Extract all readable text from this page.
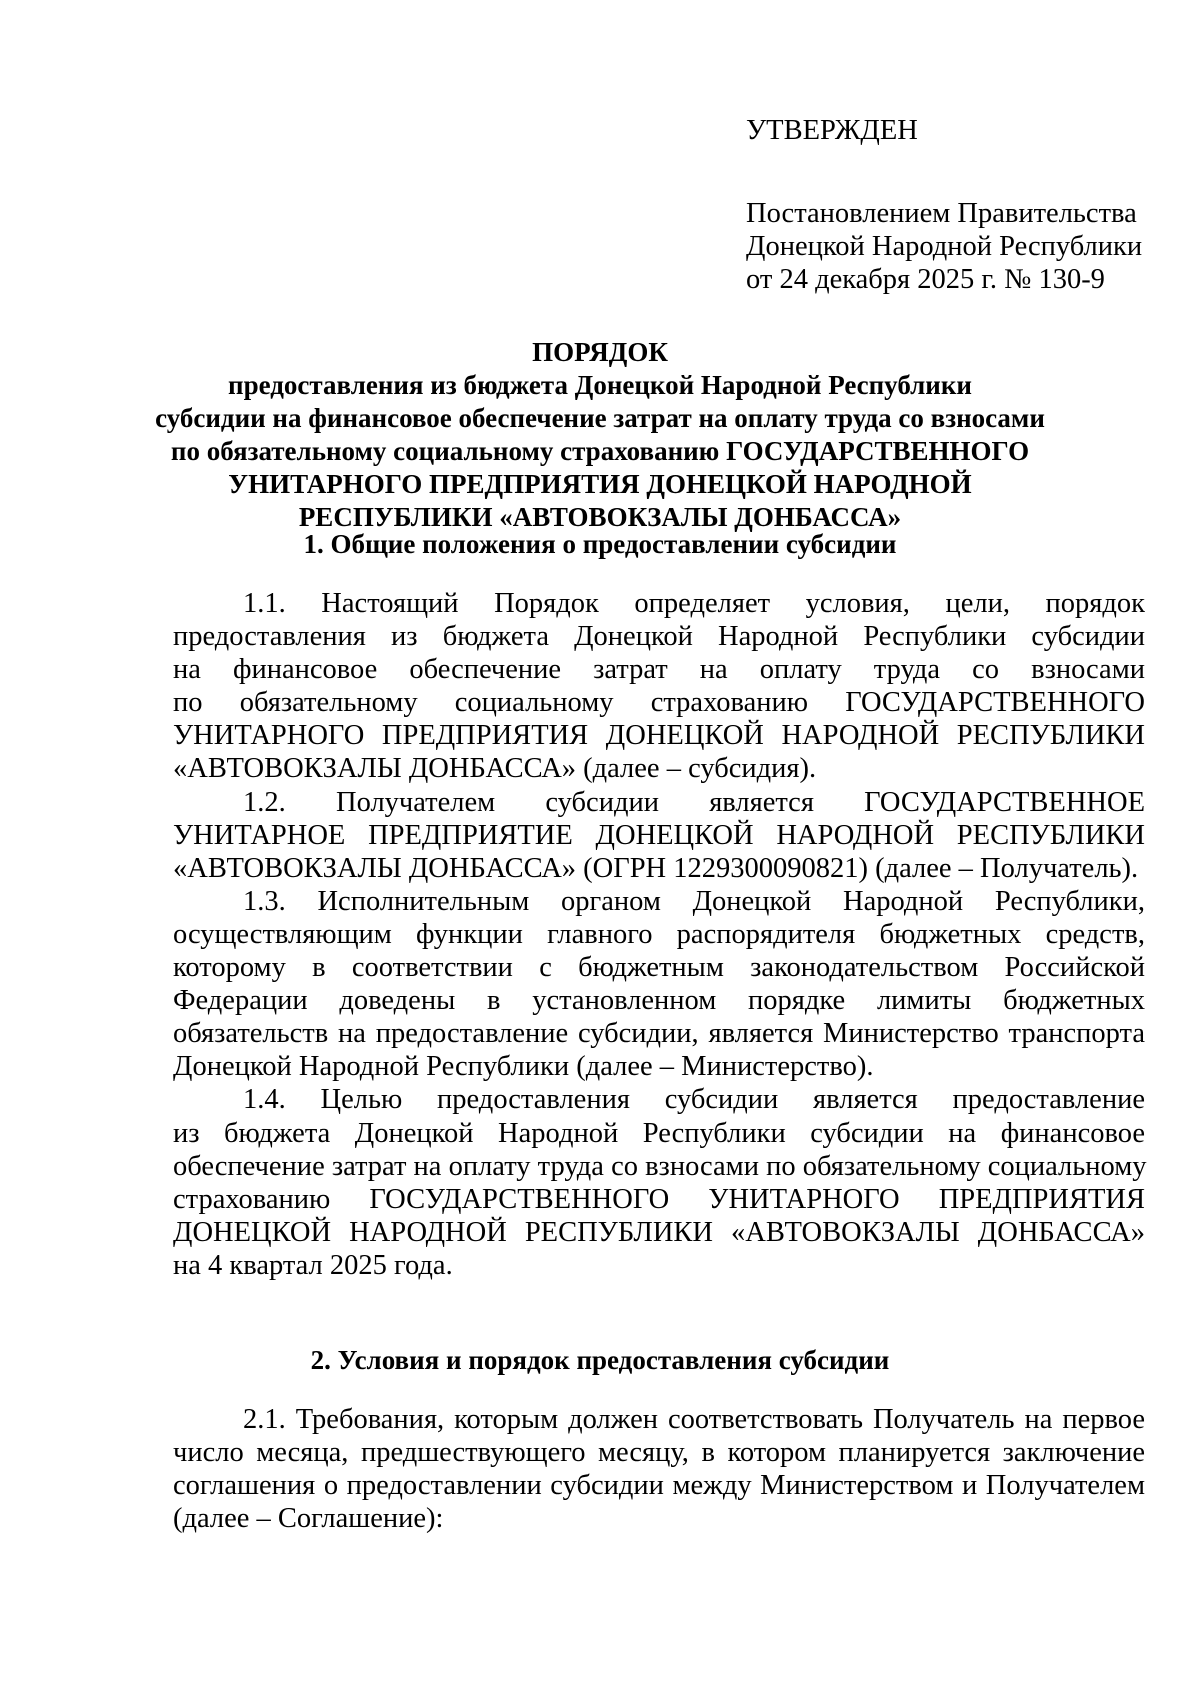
УТВЕРЖДЕН
Постановлением Правительства
Донецкой Народной Республики
от 24 декабря 2025 г. № 130-9
ПОРЯДОК
предоставления из бюджета Донецкой Народной Республики
субсидии на финансовое обеспечение затрат на оплату труда со взносами
по обязательному социальному страхованию ГОСУДАРСТВЕННОГО
УНИТАРНОГО ПРЕДПРИЯТИЯ ДОНЕЦКОЙ НАРОДНОЙ
РЕСПУБЛИКИ «АВТОВОКЗАЛЫ ДОНБАССА»
1. Общие положения о предоставлении субсидии
1.1. Настоящий Порядок определяет условия, цели, порядок
предоставления из бюджета Донецкой Народной Республики субсидии
на финансовое обеспечение затрат на оплату труда со взносами
по обязательному социальному страхованию ГОСУДАРСТВЕННОГО
УНИТАРНОГО ПРЕДПРИЯТИЯ ДОНЕЦКОЙ НАРОДНОЙ РЕСПУБЛИКИ
«АВТОВОКЗАЛЫ ДОНБАССА» (далее – субсидия).
1.2. Получателем субсидии является ГОСУДАРСТВЕННОЕ
УНИТАРНОЕ ПРЕДПРИЯТИЕ ДОНЕЦКОЙ НАРОДНОЙ РЕСПУБЛИКИ
«АВТОВОКЗАЛЫ ДОНБАССА» (ОГРН 1229300090821) (далее – Получатель).
1.3. Исполнительным органом Донецкой Народной Республики,
осуществляющим функции главного распорядителя бюджетных средств,
которому в соответствии с бюджетным законодательством Российской
Федерации доведены в установленном порядке лимиты бюджетных
обязательств на предоставление субсидии, является Министерство транспорта
Донецкой Народной Республики (далее – Министерство).
1.4. Целью предоставления субсидии является предоставление
из бюджета Донецкой Народной Республики субсидии на финансовое
обеспечение затрат на оплату труда со взносами по обязательному социальному
страхованию ГОСУДАРСТВЕННОГО УНИТАРНОГО ПРЕДПРИЯТИЯ
ДОНЕЦКОЙ НАРОДНОЙ РЕСПУБЛИКИ «АВТОВОКЗАЛЫ ДОНБАССА»
на 4 квартал 2025 года.
2. Условия и порядок предоставления субсидии
2.1. Требования, которым должен соответствовать Получатель на первое
число месяца, предшествующего месяцу, в котором планируется заключение
соглашения о предоставлении субсидии между Министерством и Получателем
(далее – Соглашение):
